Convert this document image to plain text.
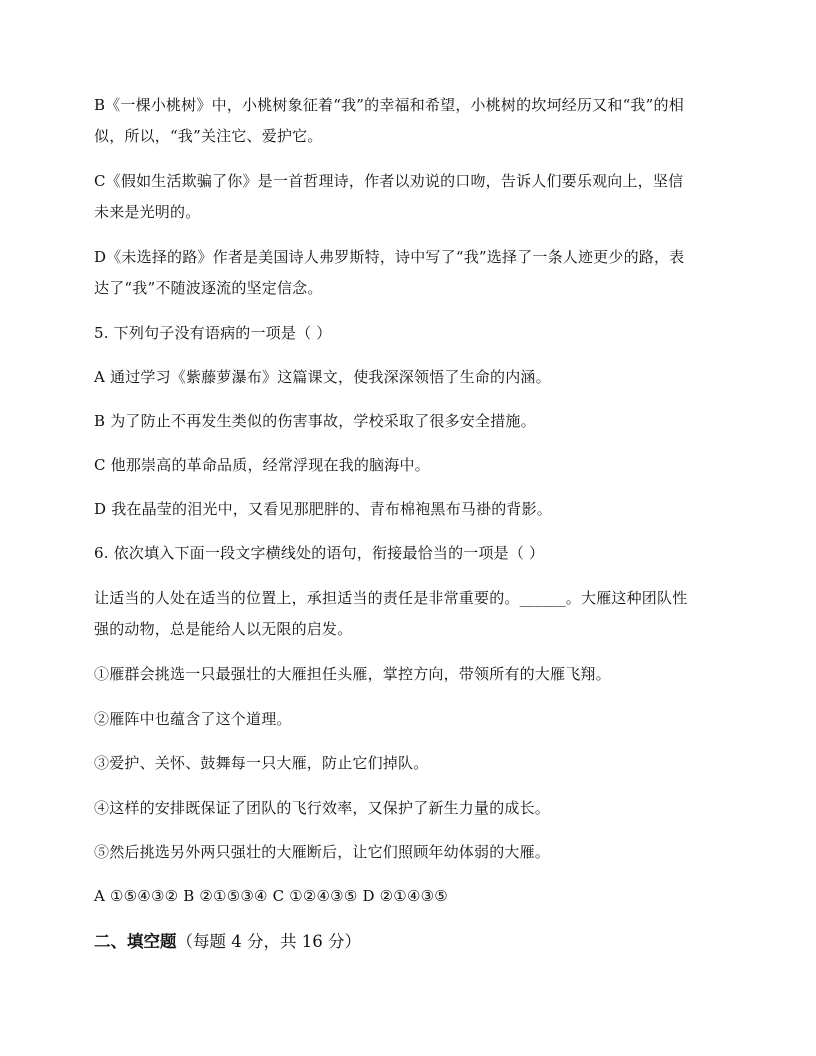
B《一棵小桃树》中，小桃树象征着“我”的幸福和希望，小桃树的坎坷经历又和“我”的相
似，所以，“我”关注它、爱护它。
C《假如生活欺骗了你》是一首哲理诗，作者以劝说的口吻，告诉人们要乐观向上，坚信
未来是光明的。
D《未选择的路》作者是美国诗人弗罗斯特，诗中写了“我”选择了一条人迹更少的路，表
达了“我”不随波逐流的坚定信念。
5. 下列句子没有语病的一项是（ ）
A 通过学习《紫藤萝瀑布》这篇课文，使我深深领悟了生命的内涵。
B 为了防止不再发生类似的伤害事故，学校采取了很多安全措施。
C 他那崇高的革命品质，经常浮现在我的脑海中。
D 我在晶莹的泪光中，又看见那肥胖的、青布棉袍黑布马褂的背影。
6. 依次填入下面一段文字横线处的语句，衔接最恰当的一项是（ ）
让适当的人处在适当的位置上，承担适当的责任是非常重要的。______。大雁这种团队性
强的动物，总是能给人以无限的启发。
①雁群会挑选一只最强壮的大雁担任头雁，掌控方向，带领所有的大雁飞翔。
②雁阵中也蕴含了这个道理。
③爱护、关怀、鼓舞每一只大雁，防止它们掉队。
④这样的安排既保证了团队的飞行效率，又保护了新生力量的成长。
⑤然后挑选另外两只强壮的大雁断后，让它们照顾年幼体弱的大雁。
A ①⑤④③② B ②①⑤③④ C ①②④③⑤ D ②①④③⑤
二、填空题（每题 4 分，共 16 分）
